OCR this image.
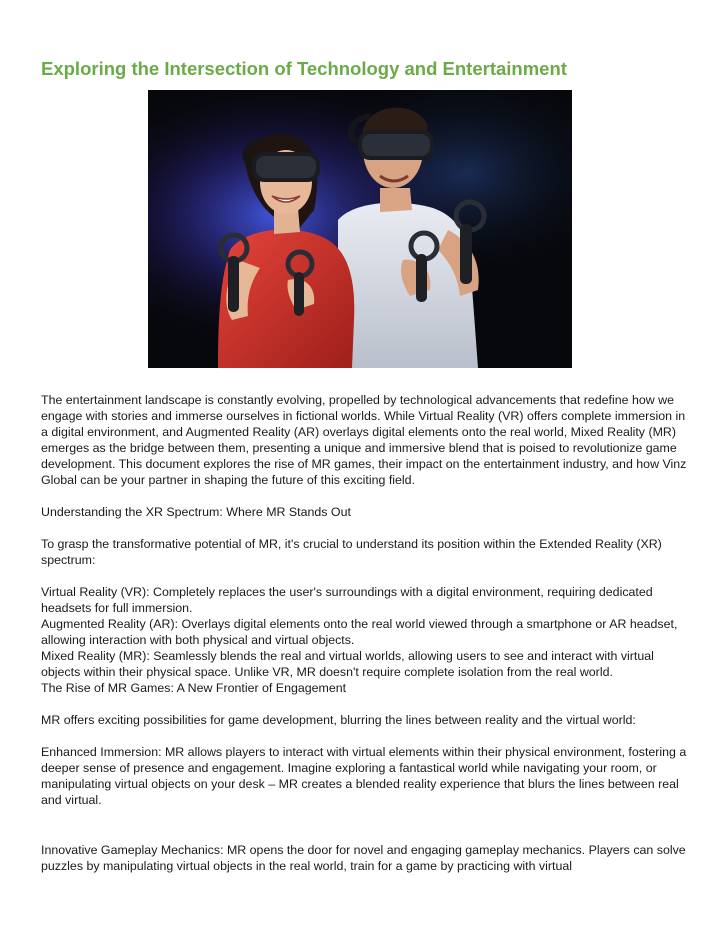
Exploring the Intersection of Technology and Entertainment

The entertainment landscape is constantly evolving, propelled by technological advancements that redefine how we engage with stories and immerse ourselves in fictional worlds. While Virtual Reality (VR) offers complete immersion in a digital environment, and Augmented Reality (AR) overlays digital elements onto the real world, Mixed Reality (MR) emerges as the bridge between them, presenting a unique and immersive blend that is poised to revolutionize game development. This document explores the rise of MR games, their impact on the entertainment industry, and how Vinz Global can be your partner in shaping the future of this exciting field.

Understanding the XR Spectrum: Where MR Stands Out

To grasp the transformative potential of MR, it's crucial to understand its position within the Extended Reality (XR) spectrum:

Virtual Reality (VR): Completely replaces the user's surroundings with a digital environment, requiring dedicated headsets for full immersion.

Augmented Reality (AR): Overlays digital elements onto the real world viewed through a smartphone or AR headset, allowing interaction with both physical and virtual objects.

Mixed Reality (MR): Seamlessly blends the real and virtual worlds, allowing users to see and interact with virtual objects within their physical space. Unlike VR, MR doesn't require complete isolation from the real world.

The Rise of MR Games: A New Frontier of Engagement

MR offers exciting possibilities for game development, blurring the lines between reality and the virtual world:

Enhanced Immersion: MR allows players to interact with virtual elements within their physical environment, fostering a deeper sense of presence and engagement. Imagine exploring a fantastical world while navigating your room, or manipulating virtual objects on your desk – MR creates a blended reality experience that blurs the lines between real and virtual.

Innovative Gameplay Mechanics: MR opens the door for novel and engaging gameplay mechanics. Players can solve puzzles by manipulating virtual objects in the real world, train for a game by practicing with virtual
